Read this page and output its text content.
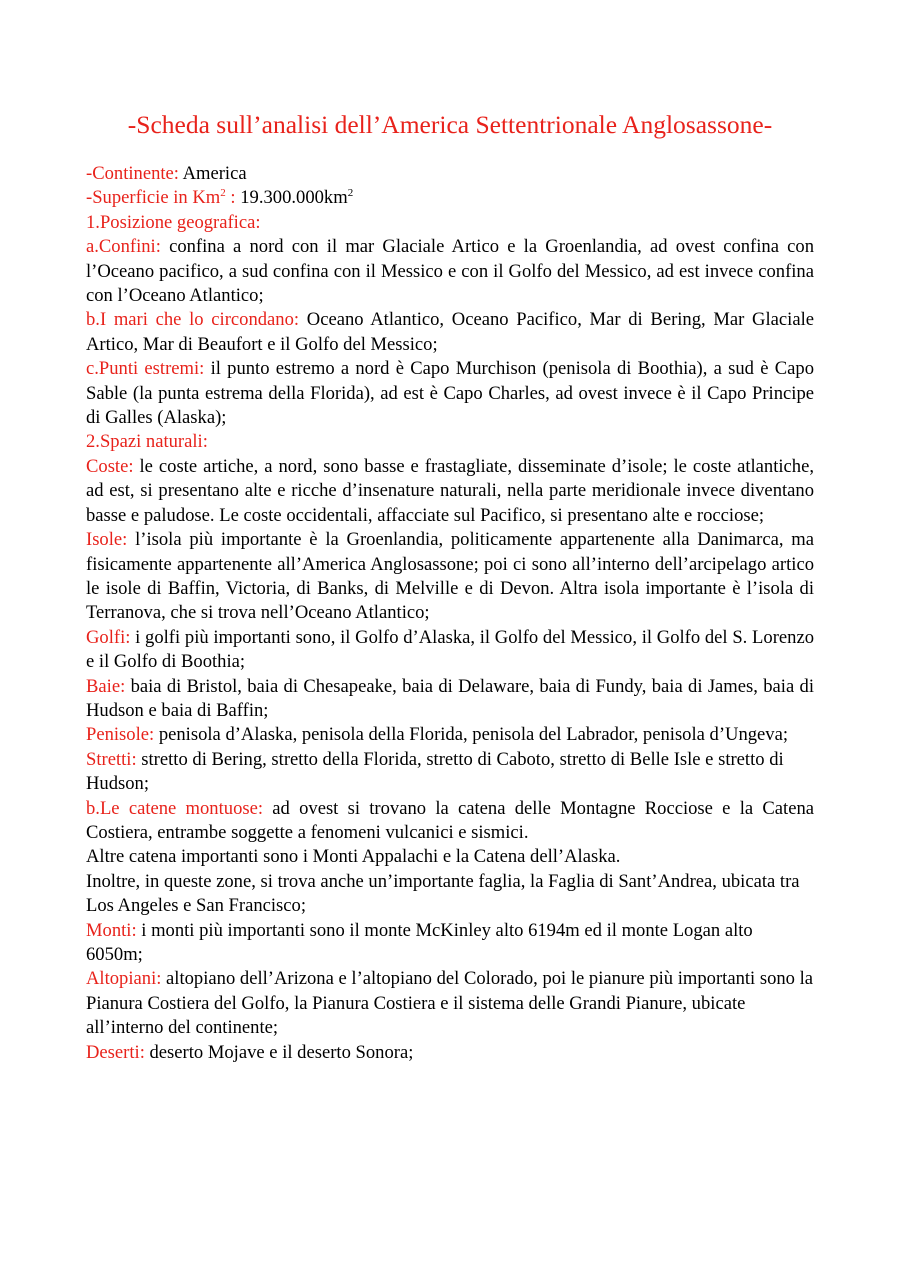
-Scheda sull’analisi dell’America Settentrionale Anglosassone-

-Continente: America

-Superficie in Km$^2$ : $19.300.000km^2$

1.Posizione geografica:

a.Confini: confina a nord con il mar Glaciale Artico e la Groenlandia, ad ovest confina con l’Oceano pacifico, a sud confina con il Messico e con il Golfo del Messico, ad est invece confina con l’Oceano Atlantico;

b.I mari che lo circondano: Oceano Atlantico, Oceano Pacifico, Mar di Bering, Mar Glaciale Artico, Mar di Beaufort e il Golfo del Messico;

c.Punti estremi: il punto estremo a nord è Capo Murchison (penisola di Boothia), a sud è Capo Sable (la punta estrema della Florida), ad est è Capo Charles, ad ovest invece è il Capo Principe di Galles (Alaska);

2.Spazi naturali:

Coste: le coste artiche, a nord, sono basse e frastagliate, disseminate d’isole; le coste atlantiche, ad est, si presentano alte e ricche d’insenature naturali, nella parte meridionale invece diventano basse e paludose. Le coste occidentali, affacciate sul Pacifico, si presentano alte e rocciose;

Isole: l’isola più importante è la Groenlandia, politicamente appartenente alla Danimarca, ma fisicamente appartenente all’America Anglosassone; poi ci sono all’interno dell’arcipelago artico le isole di Baffin, Victoria, di Banks, di Melville e di Devon. Altra isola importante è l’isola di Terranova, che si trova nell’Oceano Atlantico;

Golfi: i golfi più importanti sono, il Golfo d’Alaska, il Golfo del Messico, il Golfo del S. Lorenzo e il Golfo di Boothia;

Baie: baia di Bristol, baia di Chesapeake, baia di Delaware, baia di Fundy, baia di James, baia di Hudson e baia di Baffin;

Penisole: penisola d’Alaska, penisola della Florida, penisola del Labrador, penisola d’Ungeva;

Stretti: stretto di Bering, stretto della Florida, stretto di Caboto, stretto di Belle Isle e stretto di Hudson;

b.Le catene montuose: ad ovest si trovano la catena delle Montagne Rocciose e la Catena Costiera, entrambe soggette a fenomeni vulcanici e sismici.

Altre catena importanti sono i Monti Appalachi e la Catena dell’Alaska.

Inoltre, in queste zone, si trova anche un’importante faglia, la Faglia di Sant’Andrea, ubicata tra Los Angeles e San Francisco;

Monti: i monti più importanti sono il monte McKinley alto 6194m ed il monte Logan alto 6050m;

Altopiani: altopiano dell’Arizona e l’altopiano del Colorado, poi le pianure più importanti sono la Pianura Costiera del Golfo, la Pianura Costiera e il sistema delle Grandi Pianure, ubicate all’interno del continente;

Deserti: deserto Mojave e il deserto Sonora;
